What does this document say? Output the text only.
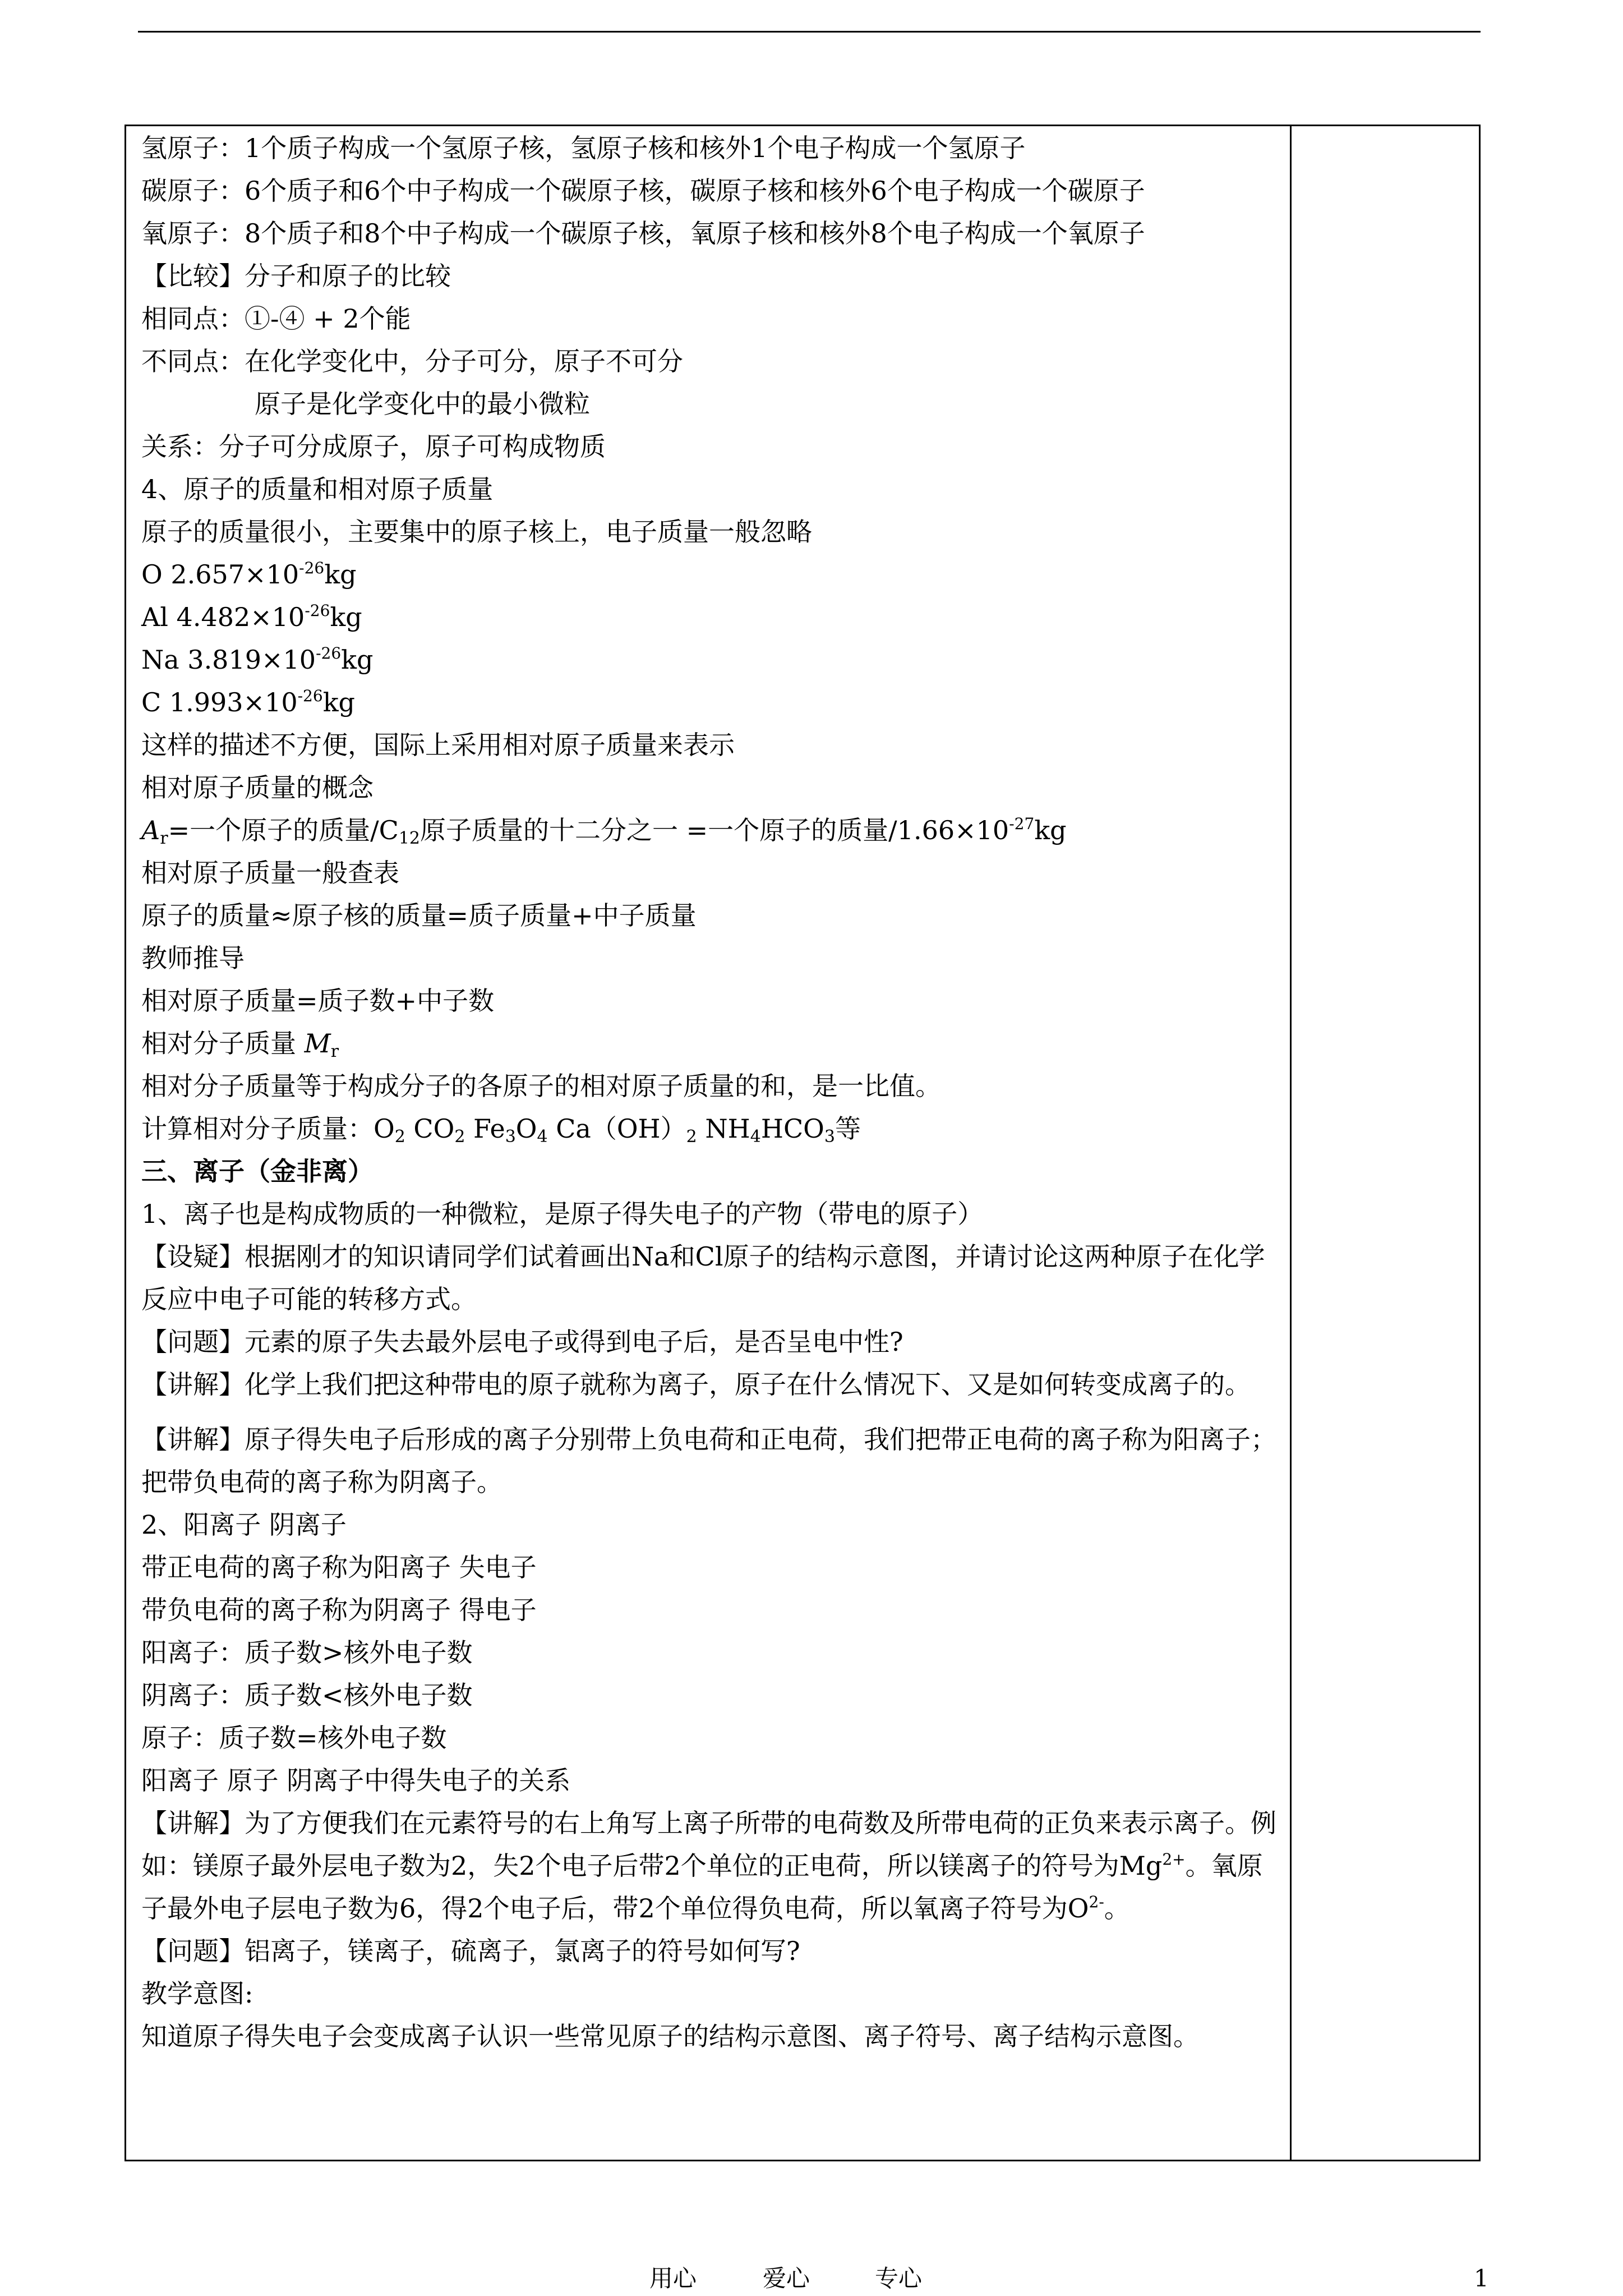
氢原子：1个质子构成一个氢原子核，氢原子核和核外1个电子构成一个氢原子
碳原子：6个质子和6个中子构成一个碳原子核，碳原子核和核外6个电子构成一个碳原子
氧原子：8个质子和8个中子构成一个碳原子核，氧原子核和核外8个电子构成一个氧原子
【比较】分子和原子的比较
相同点：①-④ + 2个能
不同点：在化学变化中，分子可分，原子不可分
原子是化学变化中的最小微粒
关系：分子可分成原子，原子可构成物质
4、原子的质量和相对原子质量
原子的质量很小，主要集中的原子核上，电子质量一般忽略
O $2.657\times 10^{-26}kg$
Al $4.482\times 10^{-26}kg$
Na $3.819\times 10^{-26}kg$
C $1.993\times 10^{-26}kg$
这样的描述不方便，国际上采用相对原子质量来表示
相对原子质量的概念
$A_r=$一个原子的质量$/C_{12}$原子质量的十二分之一 =一个原子的质量$/1.66\times 10^{-27}kg$
相对原子质量一般查表
原子的质量≈原子核的质量=质子质量+中子质量
教师推导
相对原子质量=质子数+中子数
相对分子质量 $M_r$
相对分子质量等于构成分子的各原子的相对原子质量的和，是一比值。
计算相对分子质量：$O_2$ $CO_2$ $Fe_3O_4$ $Ca(OH)_2$ $NH_4HCO_3$等
三、离子（金非离）
1、离子也是构成物质的一种微粒，是原子得失电子的产物（带电的原子）
【设疑】根据刚才的知识请同学们试着画出Na和Cl原子的结构示意图，并请讨论这两种原子在化学反应中电子可能的转移方式。
【问题】元素的原子失去最外层电子或得到电子后，是否呈电中性?
【讲解】化学上我们把这种带电的原子就称为离子，原子在什么情况下、又是如何转变成离子的。
【讲解】原子得失电子后形成的离子分别带上负电荷和正电荷，我们把带正电荷的离子称为阳离子；把带负电荷的离子称为阴离子。
2、阳离子 阴离子
带正电荷的离子称为阳离子 失电子
带负电荷的离子称为阴离子 得电子
阳离子：质子数>核外电子数
阴离子：质子数<核外电子数
原子：质子数=核外电子数
阳离子 原子 阴离子中得失电子的关系
【讲解】为了方便我们在元素符号的右上角写上离子所带的电荷数及所带电荷的正负来表示离子。例如：镁原子最外层电子数为2，失2个电子后带2个单位的正电荷，所以镁离子的符号为$Mg^{2+}$。氧原子最外电子层电子数为6，得2个电子后，带2个单位得负电荷，所以氧离子符号为$O^{2-}$。
【问题】铝离子，镁离子，硫离子，氯离子的符号如何写?
教学意图:
知道原子得失电子会变成离子认识一些常见原子的结构示意图、离子符号、离子结构示意图。
用心	爱心	专心	1
